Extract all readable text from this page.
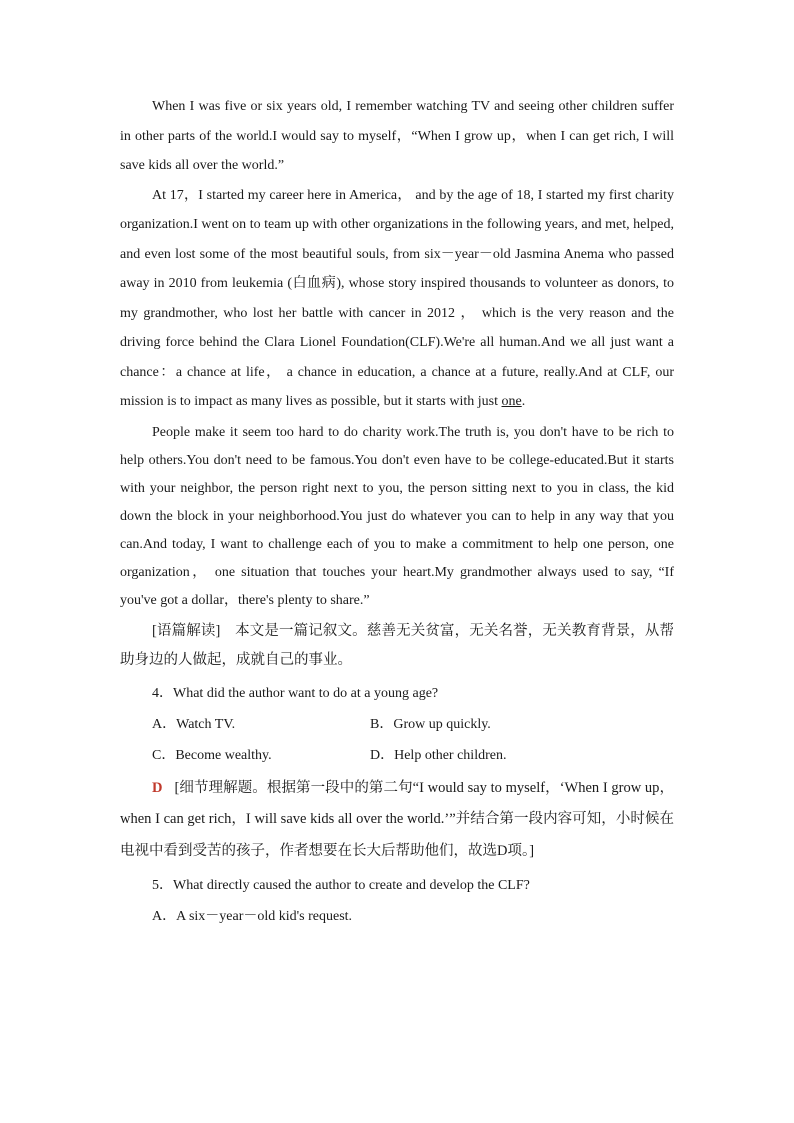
When I was five or six years old, I remember watching TV and seeing other children suffer in other parts of the world.I would say to myself，“When I grow up，when I can get rich, I will save kids all over the world.”

At 17，I started my career here in America， and by the age of 18, I started my first charity organization.I went on to team up with other organizations in the following years, and met, helped, and even lost some of the most beautiful souls, from six－year－old Jasmina Anema who passed away in 2010 from leukemia (白血病), whose story inspired thousands to volunteer as donors, to my grandmother, who lost her battle with cancer in 2012 ， which is the very reason and the driving force behind the Clara Lionel Foundation(CLF).We're all human.And we all just want a chance：a chance at life， a chance in education, a chance at a future, really.And at CLF, our mission is to impact as many lives as possible, but it starts with just one.

People make it seem too hard to do charity work.The truth is, you don't have to be rich to help others.You don't need to be famous.You don't even have to be college-educated.But it starts with your neighbor, the person right next to you, the person sitting next to you in class, the kid down the block in your neighborhood.You just do whatever you can to help in any way that you can.And today, I want to challenge each of you to make a commitment to help one person, one organization， one situation that touches your heart.My grandmother always used to say, “If you've got a dollar，there's plenty to share.”

[语篇解读]　本文是一篇记叙文。慈善无关贫富，无关名誉，无关教育背景，从帮助身边的人做起，成就自己的事业。

4．What did the author want to do at a young age?

A．Watch TV.	B．Grow up quickly.
C．Become wealthy.	D．Help other children.

D [细节理解题。根据第一段中的第二句“I would say to myself，‘When I grow up，when I can get rich，I will save kids all over the world.’”并结合第一段内容可知，小时候在电视中看到受苦的孩子，作者想要在长大后帮助他们，故选D项。]

5．What directly caused the author to create and develop the CLF?

A．A six－year－old kid's request.
